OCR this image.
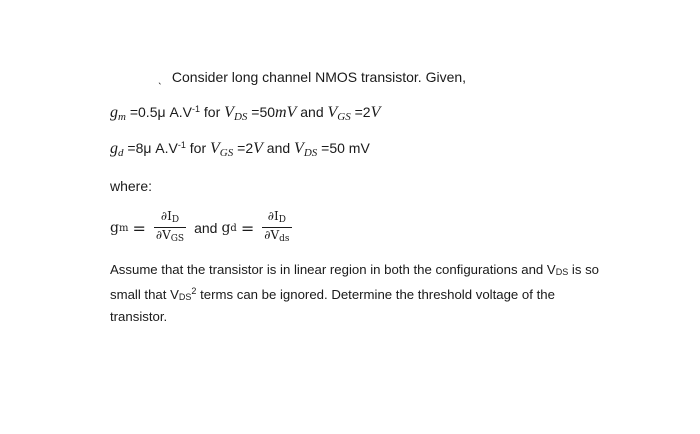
ˎ Consider long channel NMOS transistor. Given,
$g_m =0.5\mu$ $A.V^{-1}$ for $V_{DS} =50mV$ and $V_{GS} =2V$
$g_d =8\mu$ $A.V^{-1}$ for $V_{GS} =2V$ and $V_{DS} =50$ mV
where:
g $m = \frac{\partial ID}{\text{∂VGS}}$ and g $d = \frac{\partial ID}{\text{∂Vds}}$
Assume that the transistor is in linear region in both the configurations and VDS is so small that VDS$^2$ terms can be ignored. Determine the threshold voltage of the transistor.
